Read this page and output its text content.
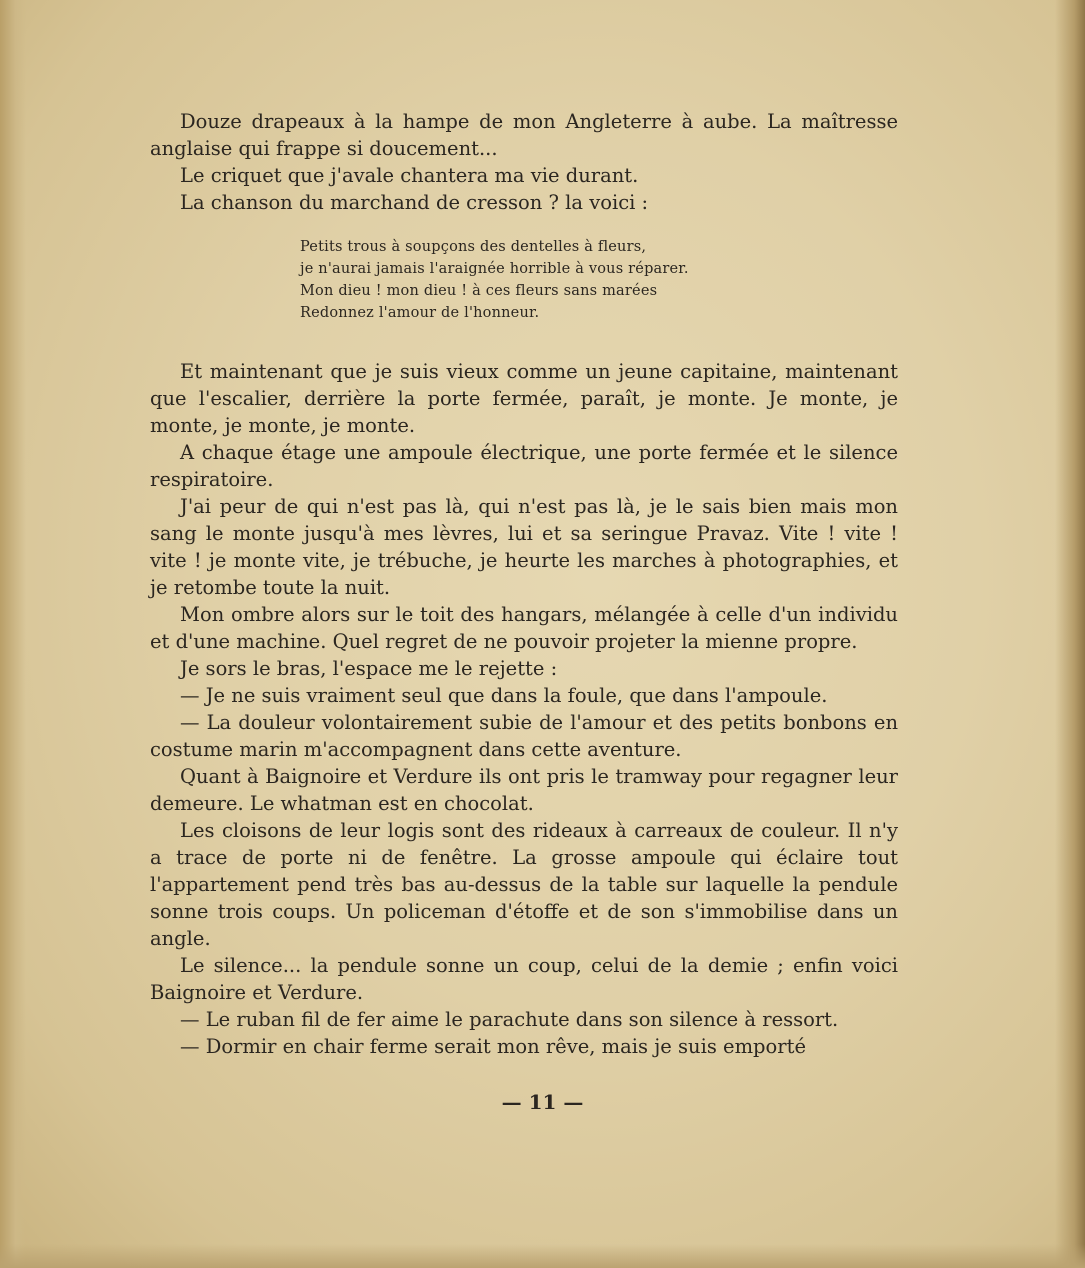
Douze drapeaux à la hampe de mon Angleterre à aube. La maîtresse anglaise qui frappe si doucement...

Le criquet que j'avale chantera ma vie durant.

La chanson du marchand de cresson ? la voici :

Petits trous à soupçons des dentelles à fleurs,
je n'aurai jamais l'araignée horrible à vous réparer.
Mon dieu ! mon dieu ! à ces fleurs sans marées
Redonnez l'amour de l'honneur.

Et maintenant que je suis vieux comme un jeune capitaine, maintenant que l'escalier, derrière la porte fermée, paraît, je monte. Je monte, je monte, je monte, je monte.

A chaque étage une ampoule électrique, une porte fermée et le silence respiratoire.

J'ai peur de qui n'est pas là, qui n'est pas là, je le sais bien mais mon sang le monte jusqu'à mes lèvres, lui et sa seringue Pravaz. Vite ! vite ! vite ! je monte vite, je trébuche, je heurte les marches à photographies, et je retombe toute la nuit.

Mon ombre alors sur le toit des hangars, mélangée à celle d'un individu et d'une machine. Quel regret de ne pouvoir projeter la mienne propre.

Je sors le bras, l'espace me le rejette :

— Je ne suis vraiment seul que dans la foule, que dans l'ampoule.

— La douleur volontairement subie de l'amour et des petits bonbons en costume marin m'accompagnent dans cette aventure.

Quant à Baignoire et Verdure ils ont pris le tramway pour regagner leur demeure. Le whatman est en chocolat.

Les cloisons de leur logis sont des rideaux à carreaux de couleur. Il n'y a trace de porte ni de fenêtre. La grosse ampoule qui éclaire tout l'appartement pend très bas au-dessus de la table sur laquelle la pendule sonne trois coups. Un policeman d'étoffe et de son s'immobilise dans un angle.

Le silence... la pendule sonne un coup, celui de la demie ; enfin voici Baignoire et Verdure.

— Le ruban fil de fer aime le parachute dans son silence à ressort.

— Dormir en chair ferme serait mon rêve, mais je suis emporté

— 11 —
